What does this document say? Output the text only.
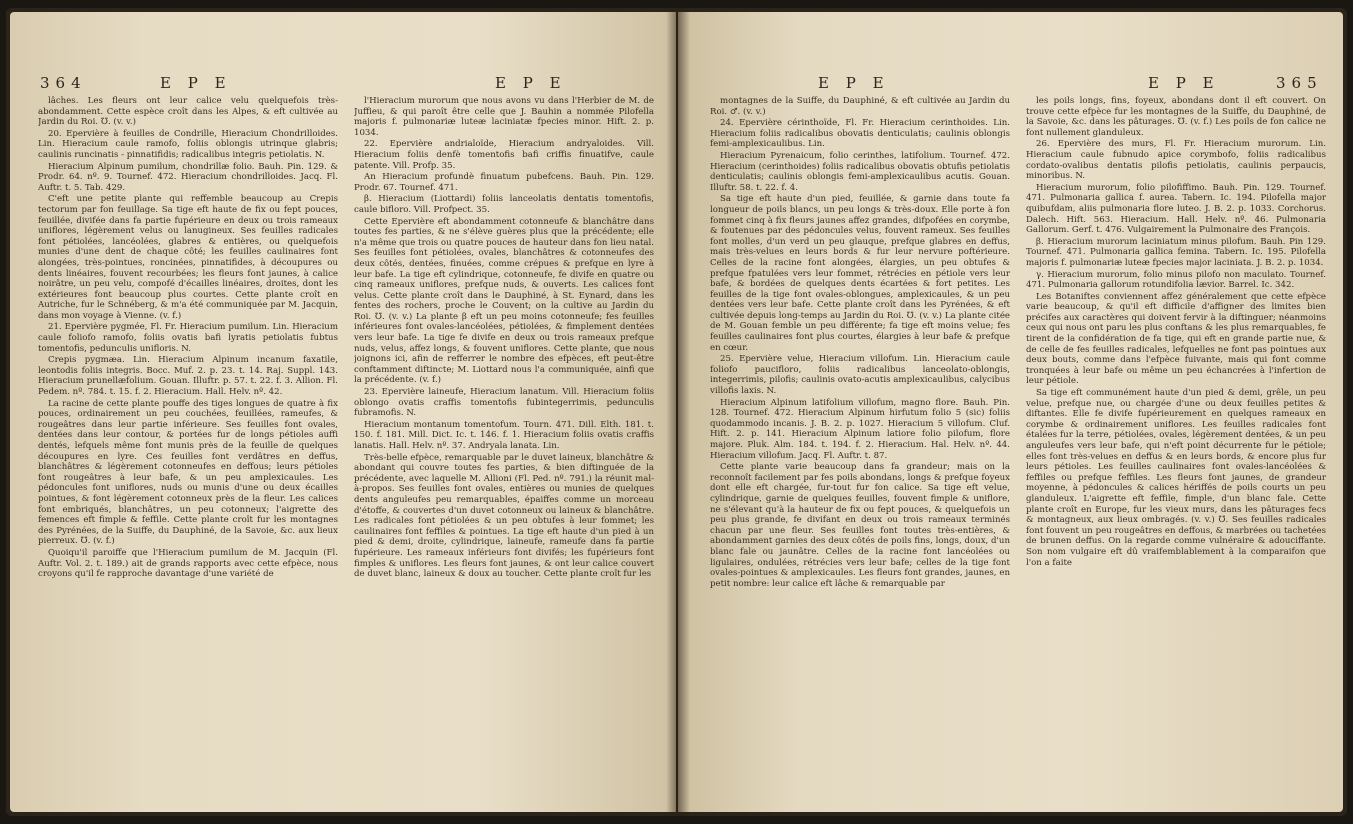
364	E P E	E P E

lâches. Les fleurs ont leur calice velu quelquefois très-abondamment. Cette espèce croît dans les Alpes, & eft cultivée au Jardin du Roi. ℧. (v. v.)

20. Epervière à feuilles de Condrille, Hieracium Chondrilloides. Lin. Hieracium caule ramofo, foliis oblongis utrinque glabris; caulinis runcinatis - pinnatifidis; radicalibus integris petiolatis. N.

Hieracium Alpinum pumilum, chondrillæ folio. Bauh. Pin. 129. & Prodr. 64. nº. 9. Tournef. 472. Hieracium chondrilloides. Jacq. Fl. Auftr. t. 5. Tab. 429.

C'eft une petite plante qui reffemble beaucoup au Crepis tectorum par fon feuillage. Sa tige eft haute de fix ou fept pouces, feuillée, divifée dans fa partie fupérieure en deux ou trois rameaux uniflores, légèrement velus ou lanugineux. Ses feuilles radicales font pétiolées, lancéolées, glabres & entières, ou quelquefois munies d'une dent de chaque côté; les feuilles caulinaires font alongées, très-pointues, roncinées, pinnatifides, à découpures ou dents linéaires, fouvent recourbées; les fleurs font jaunes, à calice noirâtre, un peu velu, compofé d'écailles linéaires, droites, dont les extérieures font beaucoup plus courtes. Cette plante croît en Autriche, fur le Schnéberg, & m'a été communiquée par M. Jacquin, dans mon voyage à Vienne. (v. f.)

21. Epervière pygmée, Fl. Fr. Hieracium pumilum. Lin. Hieracium caule foliofo ramofo, foliis ovatis bafi lyratis petiolatis fubtus tomentofis, pedunculis unifloris. N.

Crepis pygmæa. Lin. Hieracium Alpinum incanum faxatile, leontodis foliis integris. Bocc. Muf. 2. p. 23. t. 14. Raj. Suppl. 143. Hieracium prunellæfolium. Gouan. Illuftr. p. 57. t. 22. f. 3. Allion. Fl. Pedem. nº. 784. t. 15. f. 2. Hieracium. Hall. Helv. nº. 42.

La racine de cette plante pouffe des tiges longues de quatre à fix pouces, ordinairement un peu couchées, feuillées, rameufes, & rougeâtres dans leur partie inférieure. Ses feuilles font ovales, dentées dans leur contour, & portées fur de longs pétioles auffi dentés, lefquels même font munis près de la feuille de quelques découpures en lyre. Ces feuilles font verdâtres en deffus, blanchâtres & légèrement cotonneufes en deffous; leurs pétioles font rougeâtres à leur bafe, & un peu amplexicaules. Les pédoncules font uniflores, nuds ou munis d'une ou deux écailles pointues, & font légèrement cotonneux près de la fleur. Les calices font embriqués, blanchâtres, un peu cotonneux; l'aigrette des femences eft fimple & feffile. Cette plante croît fur les montagnes des Pyrénées, de la Suiffe, du Dauphiné, de la Savoie, &c. aux lieux pierreux. ℧. (v. f.)

Quoiqu'il paroiffe que l'Hieracium pumilum de M. Jacquin (Fl. Auftr. Vol. 2. t. 189.) ait de grands rapports avec cette efpèce, nous croyons qu'il fe rapproche davantage d'une variété de

l'Hieracium murorum que nous avons vu dans l'Herbier de M. de Juffieu, & qui paroît être celle que J. Bauhin a nommée Pilofella majoris f. pulmonariæ luteæ laciniatæ fpecies minor. Hift. 2. p. 1034.

22. Epervière andrialoïde, Hieracium andryaloides. Vill. Hieracium foliis denfè tomentofis bafi criffis finuatifve, caule patente. Vill. Profp. 35.

An Hieracium profundè finuatum pubefcens. Bauh. Pin. 129. Prodr. 67. Tournef. 471.

β. Hieracium (Liottardi) foliis lanceolatis dentatis tomentofis, caule bifloro. Vill. Profpect. 35.

Cette Epervière eft abondamment cotonneufe & blanchâtre dans toutes fes parties, & ne s'élève guères plus que la précédente; elle n'a même que trois ou quatre pouces de hauteur dans fon lieu natal. Ses feuilles font pétiolées, ovales, blanchâtres & cotonneufes des deux côtés, dentées, finuées, comme crépues & prefque en lyre à leur bafe. La tige eft cylindrique, cotonneufe, fe divife en quatre ou cinq rameaux uniflores, prefque nuds, & ouverts. Les calices font velus. Cette plante croît dans le Dauphiné, à St. Eynard, dans les fentes des rochers, proche le Couvent; on la cultive au Jardin du Roi. ℧. (v. v.) La plante β eft un peu moins cotonneufe; fes feuilles inférieures font ovales-lancéolées, pétiolées, & fimplement dentées vers leur bafe. La tige fe divife en deux ou trois rameaux prefque nuds, velus, affez longs, & fouvent uniflores. Cette plante, que nous joignons ici, afin de refferrer le nombre des efpèces, eft peut-être conftamment diftincte; M. Liottard nous l'a communiquée, ainfi que la précédente. (v. f.)

23. Epervière laineufe, Hieracium lanatum. Vill. Hieracium foliis oblongo ovatis craffis tomentofis fubintegerrimis, pedunculis fubramofis. N.

Hieracium montanum tomentofum. Tourn. 471. Dill. Elth. 181. t. 150. f. 181. Mill. Dict. Ic. t. 146. f. 1. Hieracium foliis ovatis craffis lanatis. Hall. Helv. nº. 37. Andryala lanata. Lin.

Très-belle efpèce, remarquable par le duvet laineux, blanchâtre & abondant qui couvre toutes fes parties, & bien diftinguée de la précédente, avec laquelle M. Allioni (Fl. Ped. nº. 791.) la réunit mal-à-propos. Ses feuilles font ovales, entières ou munies de quelques dents anguleufes peu remarquables, épaiffes comme un morceau d'étoffe, & couvertes d'un duvet cotonneux ou laineux & blanchâtre. Les radicales font pétiolées & un peu obtufes à leur fommet; les caulinaires font feffiles & pointues. La tige eft haute d'un pied à un pied & demi, droite, cylindrique, laineufe, rameufe dans fa partie fupérieure. Les rameaux inférieurs font divifés; les fupérieurs font fimples & uniflores. Les fleurs font jaunes, & ont leur calice couvert de duvet blanc, laineux & doux au toucher. Cette plante croît fur les

E P E	E P E	365

montagnes de la Suiffe, du Dauphiné, & eft cultivée au Jardin du Roi. ♂. (v. v.)

24. Epervière cérinthoïde, Fl. Fr. Hieracium cerinthoides. Lin. Hieracium foliis radicalibus obovatis denticulatis; caulinis oblongis femi-amplexicaulibus. Lin.

Hieracium Pyrenaicum, folio cerinthes, latifolium. Tournef. 472. Hieracium (cerinthoides) foliis radicalibus obovatis obtufis petiolatis denticulatis; caulinis oblongis femi-amplexicaulibus acutis. Gouan. Illuftr. 58. t. 22. f. 4.

Sa tige eft haute d'un pied, feuillée, & garnie dans toute fa longueur de poils blancs, un peu longs & très-doux. Elle porte à fon fommet cinq à fix fleurs jaunes affez grandes, difpofées en corymbe, & foutenues par des pédoncules velus, fouvent rameux. Ses feuilles font molles, d'un verd un peu glauque, prefque glabres en deffus, mais très-velues en leurs bords & fur leur nervure poftérieure. Celles de la racine font alongées, élargies, un peu obtufes & prefque fpatulées vers leur fommet, rétrécies en pétiole vers leur bafe, & bordées de quelques dents écartées & fort petites. Les feuilles de la tige font ovales-oblongues, amplexicaules, & un peu dentées vers leur bafe. Cette plante croît dans les Pyrénées, & eft cultivée depuis long-temps au Jardin du Roi. ℧. (v. v.) La plante citée de M. Gouan femble un peu différente; fa tige eft moins velue; fes feuilles caulinaires font plus courtes, élargies à leur bafe & prefque en cœur.

25. Epervière velue, Hieracium villofum. Lin. Hieracium caule foliofo paucifloro, foliis radicalibus lanceolato-oblongis, integerrimis, pilofis; caulinis ovato-acutis amplexicaulibus, calycibus villofis laxis. N.

Hieracium Alpinum latifolium villofum, magno flore. Bauh. Pin. 128. Tournef. 472. Hieracium Alpinum hirfutum folio 5 (sic) foliis quodammodo incanis. J. B. 2. p. 1027. Hieracium 5 villofum. Cluf. Hift. 2. p. 141. Hieracium Alpinum latiore folio pilofum, flore majore. Pluk. Alm. 184. t. 194. f. 2. Hieracium. Hal. Helv. nº. 44. Hieracium villofum. Jacq. Fl. Auftr. t. 87.

Cette plante varie beaucoup dans fa grandeur; mais on la reconnoît facilement par fes poils abondans, longs & prefque foyeux dont elle eft chargée, fur-tout fur fon calice. Sa tige eft velue, cylindrique, garnie de quelques feuilles, fouvent fimple & uniflore, ne s'élevant qu'à la hauteur de fix ou fept pouces, & quelquefois un peu plus grande, fe divifant en deux ou trois rameaux terminés chacun par une fleur. Ses feuilles font toutes très-entières, & abondamment garnies des deux côtés de poils fins, longs, doux, d'un blanc fale ou jaunâtre. Celles de la racine font lancéolées ou ligulaires, ondulées, rétrécies vers leur bafe; celles de la tige font ovales-pointues & amplexicaules. Les fleurs font grandes, jaunes, en petit nombre: leur calice eft lâche & remarquable par

les poils longs, fins, foyeux, abondans dont il eft couvert. On trouve cette efpèce fur les montagnes de la Suiffe, du Dauphiné, de la Savoie, &c. dans les pâturages. ℧. (v. f.) Les poils de fon calice ne font nullement glanduleux.

26. Epervière des murs, Fl. Fr. Hieracium murorum. Lin. Hieracium caule fubnudo apice corymbofo, foliis radicalibus cordato-ovalibus dentatis pilofis petiolatis, caulinis perpaucis, minoribus. N.

Hieracium murorum, folio pilofiffimo. Bauh. Pin. 129. Tournef. 471. Pulmonaria gallica f. aurea. Tabern. Ic. 194. Pilofella major quibufdam, aliis pulmonaria flore luteo. J. B. 2. p. 1033. Corchorus. Dalech. Hift. 563. Hieracium. Hall. Helv. nº. 46. Pulmonaria Gallorum. Gerf. t. 476. Vulgairement la Pulmonaire des François.

β. Hieracium murorum laciniatum minus pilofum. Bauh. Pin 129. Tournef. 471. Pulmonaria gallica femina. Tabern. Ic. 195. Pilofella majoris f. pulmonariæ luteæ fpecies major laciniata. J. B. 2. p. 1034.

γ. Hieracium murorum, folio minus pilofo non maculato. Tournef. 471. Pulmonaria gallorum rotundifolia lævior. Barrel. Ic. 342.

Les Botaniftes conviennent affez généralement que cette efpèce varie beaucoup, & qu'il eft difficile d'affigner des limites bien précifes aux caractères qui doivent fervir à la diftinguer; néanmoins ceux qui nous ont paru les plus conftans & les plus remarquables, fe tirent de la confidération de fa tige, qui eft en grande partie nue, & de celle de fes feuilles radicales, lefquelles ne font pas pointues aux deux bouts, comme dans l'efpèce fuivante, mais qui font comme tronquées à leur bafe ou même un peu échancrées à l'infertion de leur pétiole.

Sa tige eft communément haute d'un pied & demi, grêle, un peu velue, prefque nue, ou chargée d'une ou deux feuilles petites & diftantes. Elle fe divife fupérieurement en quelques rameaux en corymbe & ordinairement uniflores. Les feuilles radicales font étalées fur la terre, pétiolées, ovales, légèrement dentées, & un peu anguleufes vers leur bafe, qui n'eft point décurrente fur le pétiole; elles font très-velues en deffus & en leurs bords, & encore plus fur leurs pétioles. Les feuilles caulinaires font ovales-lancéolées & feffiles ou prefque feffiles. Les fleurs font jaunes, de grandeur moyenne, à pédoncules & calices hériffés de poils courts un peu glanduleux. L'aigrette eft feffile, fimple, d'un blanc fale. Cette plante croît en Europe, fur les vieux murs, dans les pâturages fecs & montagneux, aux lieux ombragés. (v. v.) ℧. Ses feuilles radicales font fouvent un peu rougeâtres en deffous, & marbrées ou tachetées de brunen deffus. On la regarde comme vulnéraire & adouciffante. Son nom vulgaire eft dû vraifemblablement à la comparaifon que l'on a faite
